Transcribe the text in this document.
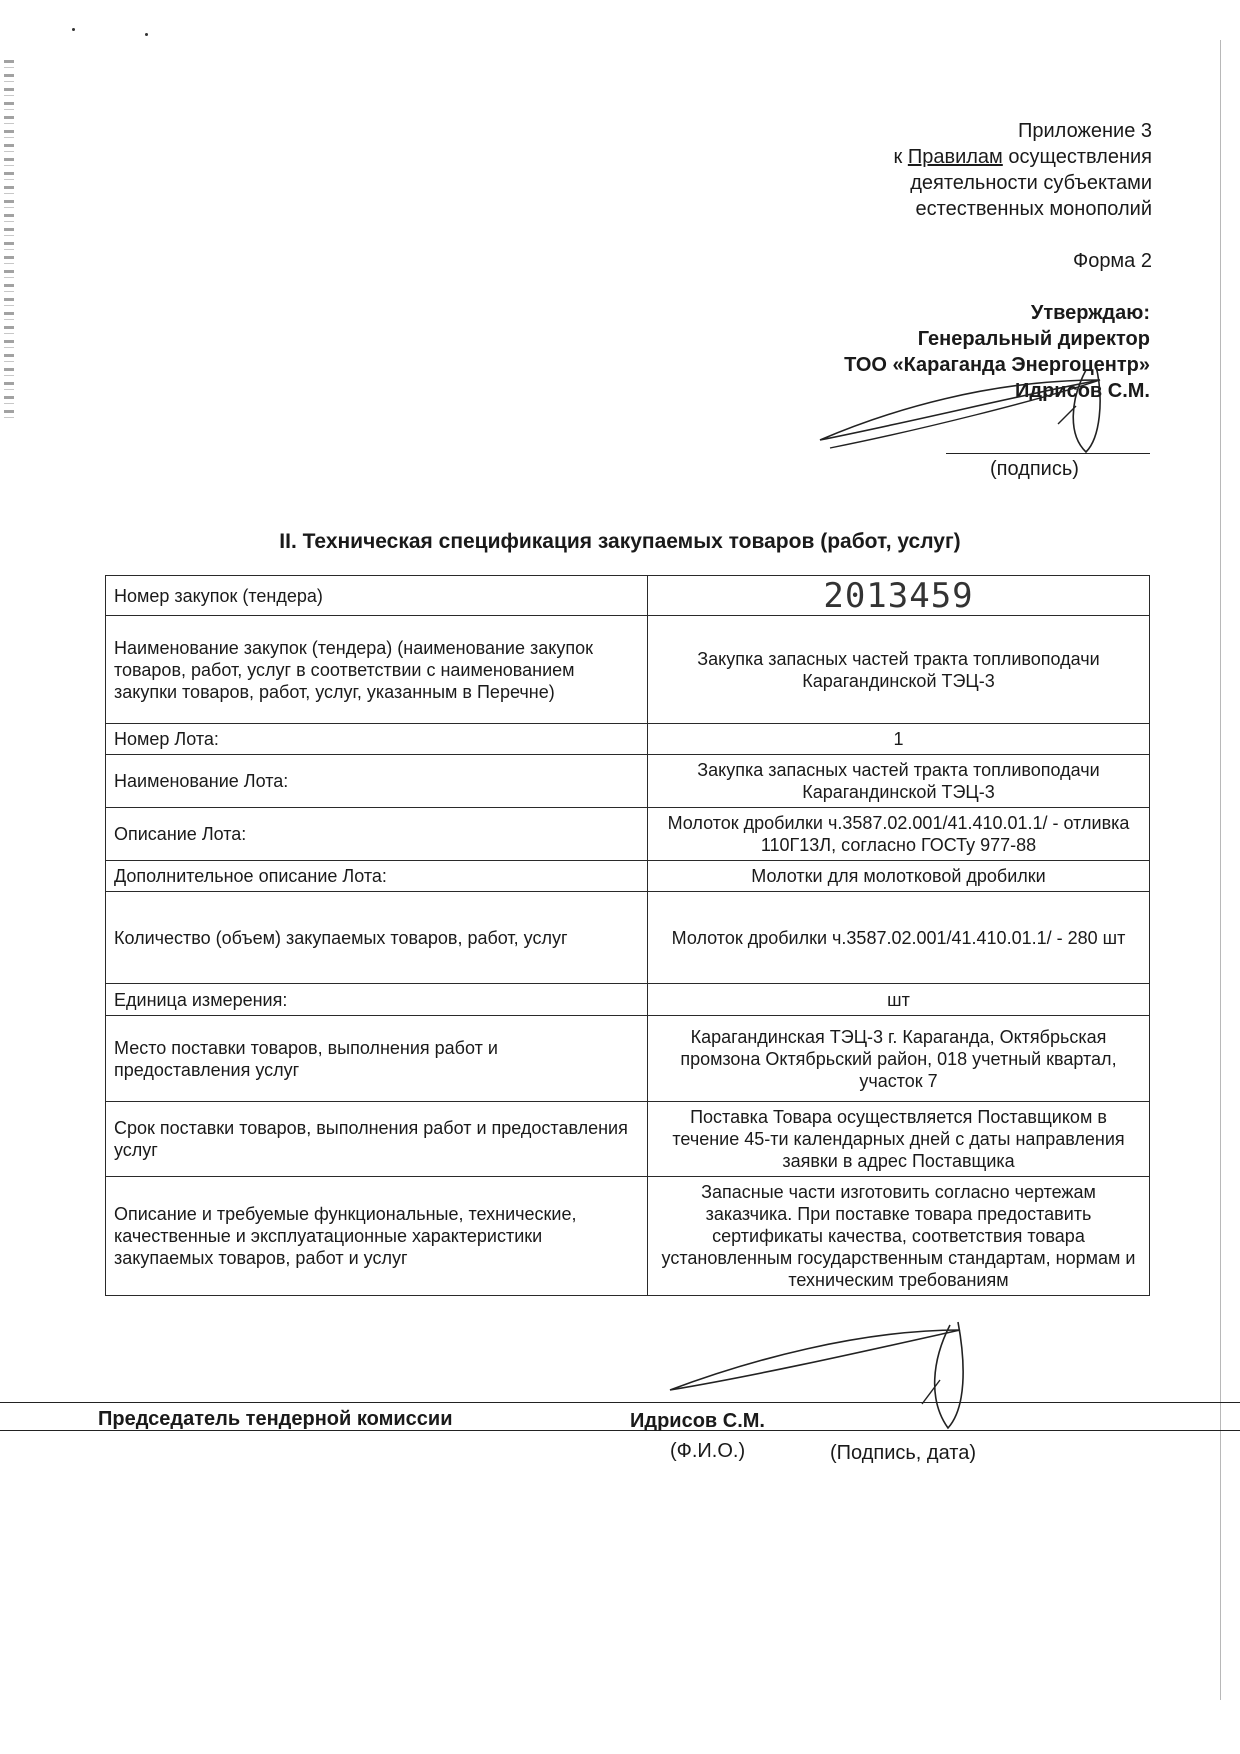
Приложение 3
к Правилам осуществления
деятельности субъектами
естественных монополий
Форма 2
Утверждаю:
Генеральный директор
ТОО «Караганда Энергоцентр»
Идрисов С.М.
(подпись)
II. Техническая спецификация закупаемых товаров (работ, услуг)
Номер закупок (тендера)	2013459
Наименование закупок (тендера) (наименование закупок товаров, работ, услуг в соответствии с наименованием закупки товаров, работ, услуг, указанным в Перечне)	Закупка запасных частей тракта топливоподачи Карагандинской ТЭЦ-3
Номер Лота:	1
Наименование Лота:	Закупка запасных частей тракта топливоподачи Карагандинской ТЭЦ-3
Описание Лота:	Молоток дробилки ч.3587.02.001/41.410.01.1/ - отливка 110Г13Л, согласно ГОСТу 977-88
Дополнительное описание Лота:	Молотки для молотковой дробилки
Количество (объем) закупаемых товаров, работ, услуг	Молоток дробилки ч.3587.02.001/41.410.01.1/ - 280 шт
Единица измерения:	шт
Место поставки товаров, выполнения работ и предоставления услуг	Карагандинская ТЭЦ-3 г. Караганда, Октябрьская промзона Октябрьский район, 018 учетный квартал, участок 7
Срок поставки товаров, выполнения работ и предоставления услуг	Поставка Товара осуществляется Поставщиком в течение 45-ти календарных дней с даты направления заявки в адрес Поставщика
Описание и требуемые функциональные, технические, качественные и эксплуатационные характеристики закупаемых товаров, работ и услуг	Запасные части изготовить согласно чертежам заказчика. При поставке товара предоставить сертификаты качества, соответствия товара установленным государственным стандартам, нормам и техническим требованиям
Председатель тендерной комиссии	Идрисов С.М.
(Ф.И.О.)	(Подпись, дата)
